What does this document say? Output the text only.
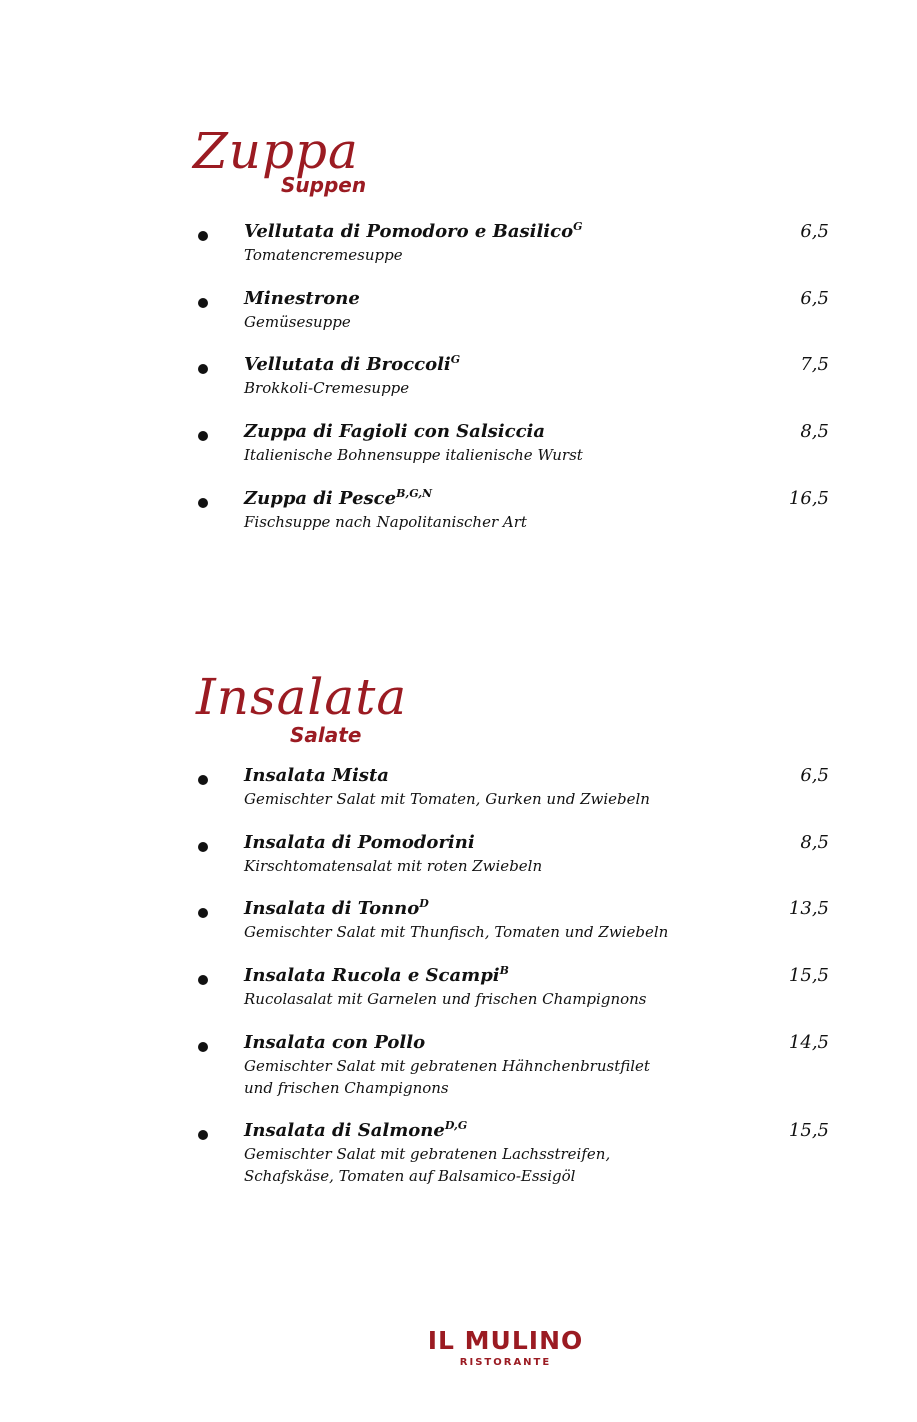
Zuppa
Suppen
Vellutata di Pomodoro e Basilico$^G$
Tomatencremesuppe
6,5
Minestrone
Gemüsesuppe
6,5
Vellutata di Broccoli$^G$
Brokkoli-Cremesuppe
7,5
Zuppa di Fagioli con Salsiccia
Italienische Bohnensuppe italienische Wurst
8,5
Zuppa di Pesce$^{B,G,N}$
Fischsuppe nach Napolitanischer Art
16,5
Insalata
Salate
Insalata Mista
Gemischter Salat mit Tomaten, Gurken und Zwiebeln
6,5
Insalata di Pomodorini
Kirschtomatensalat mit roten Zwiebeln
8,5
Insalata di Tonno$^D$
Gemischter Salat mit Thunfisch, Tomaten und Zwiebeln
13,5
Insalata Rucola e Scampi$^B$
Rucolasalat mit Garnelen und frischen Champignons
15,5
Insalata con Pollo
Gemischter Salat mit gebratenen Hähnchenbrustfilet
und frischen Champignons
14,5
Insalata di Salmone$^{D,G}$
Gemischter Salat mit gebratenen Lachsstreifen,
Schafskäse, Tomaten auf Balsamico-Essigöl
15,5
IL MULINO
RISTORANTE
